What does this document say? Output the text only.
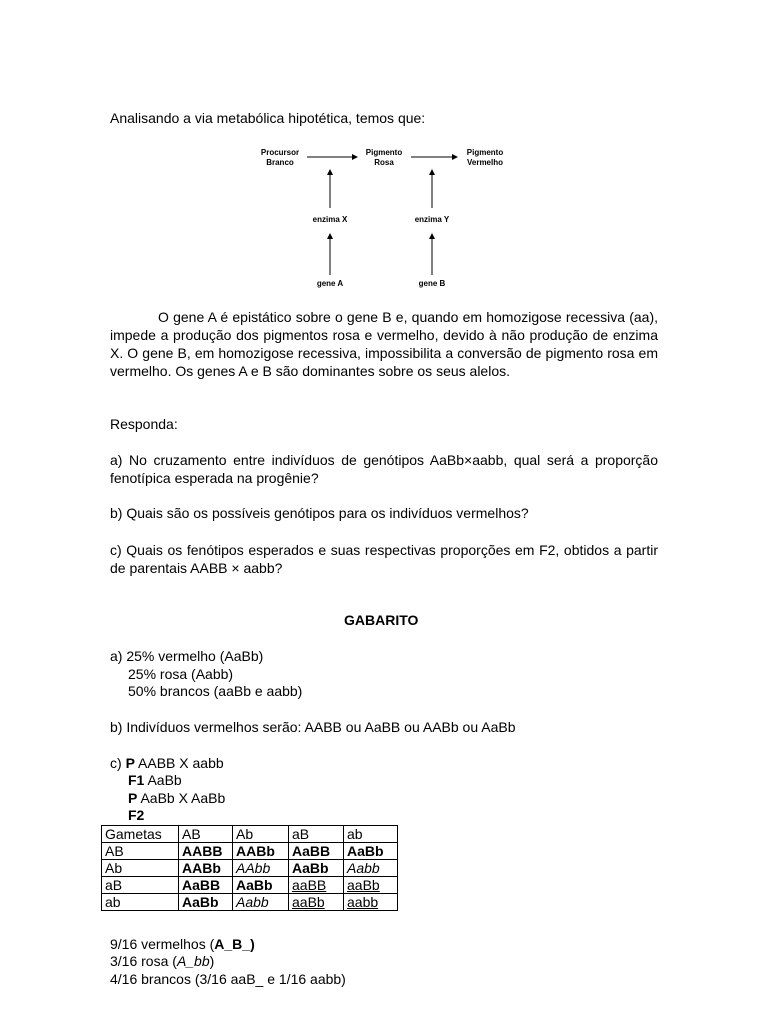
Analisando a via metabólica hipotética, temos que:
Procursor
Branco
Pigmento
Rosa
Pigmento
Vermelho
enzima X	enzima Y
gene A	gene B
O gene A é epistático sobre o gene B e, quando em homozigose recessiva (aa), impede a produção dos pigmentos rosa e vermelho, devido à não produção de enzima X. O gene B, em homozigose recessiva, impossibilita a conversão de pigmento rosa em vermelho. Os genes A e B são dominantes sobre os seus alelos.
Responda:
a) No cruzamento entre indivíduos de genótipos AaBb×aabb, qual será a proporção fenotípica esperada na progênie?
b) Quais são os possíveis genótipos para os indivíduos vermelhos?
c) Quais os fenótipos esperados e suas respectivas proporções em F2, obtidos a partir de parentais AABB × aabb?
GABARITO
a) 25% vermelho (AaBb)
25% rosa (Aabb)
50% brancos (aaBb e aabb)
b) Indivíduos vermelhos serão: AABB ou AaBB ou AABb ou AaBb
c) P AABB X aabb
F1 AaBb
P AaBb X AaBb
F2
Gametas	AB	Ab	aB	ab
AB	AABB	AABb	AaBB	AaBb
Ab	AABb	AAbb	AaBb	Aabb
aB	AaBB	AaBb	aaBB	aaBb
ab	AaBb	Aabb	aaBb	aabb
9/16 vermelhos (A_B_)
3/16 rosa (A_bb)
4/16 brancos (3/16 aaB_ e 1/16 aabb)
